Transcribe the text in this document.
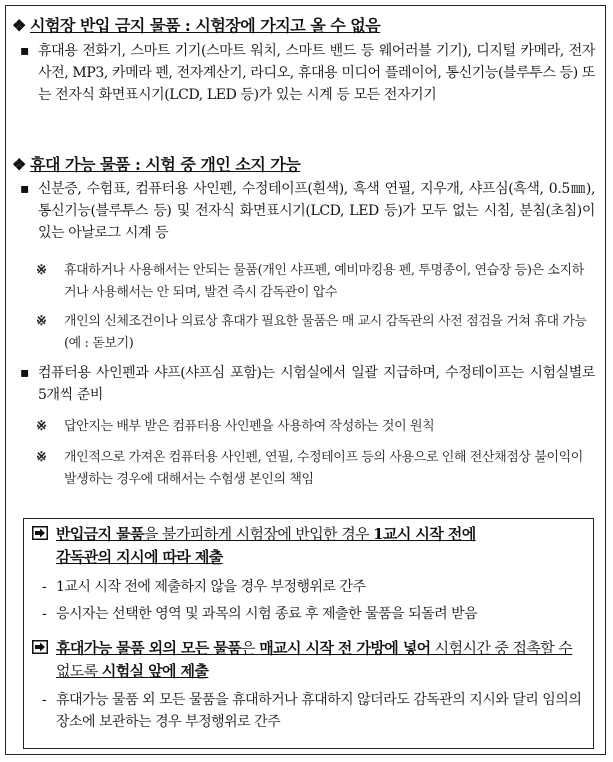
❖ 시험장 반입 금지 물품 : 시험장에 가지고 올 수 없음
▪ 휴대용 전화기, 스마트 기기(스마트 워치, 스마트 밴드 등 웨어러블 기기), 디지털 카메라, 전자사전, MP3, 카메라 펜, 전자계산기, 라디오, 휴대용 미디어 플레이어, 통신기능(블루투스 등) 또는 전자식 화면표시기(LCD, LED 등)가 있는 시계 등 모든 전자기기
❖ 휴대 가능 물품 : 시험 중 개인 소지 가능
▪ 신분증, 수험표, 컴퓨터용 사인펜, 수정테이프(흰색), 흑색 연필, 지우개, 샤프심(흑색, 0.5㎜), 통신기능(블루투스 등) 및 전자식 화면표시기(LCD, LED 등)가 모두 없는 시침, 분침(초침)이 있는 아날로그 시계 등
※ 휴대하거나 사용해서는 안되는 물품(개인 샤프펜, 예비마킹용 펜, 투명종이, 연습장 등)은 소지하거나 사용해서는 안 되며, 발견 즉시 감독관이 압수
※ 개인의 신체조건이나 의료상 휴대가 필요한 물품은 매 교시 감독관의 사전 점검을 거쳐 휴대 가능(예 : 돋보기)
▪ 컴퓨터용 사인펜과 샤프(샤프심 포함)는 시험실에서 일괄 지급하며, 수정테이프는 시험실별로 5개씩 준비
※ 답안지는 배부 받은 컴퓨터용 사인펜을 사용하여 작성하는 것이 원칙
※ 개인적으로 가져온 컴퓨터용 사인펜, 연필, 수정테이프 등의 사용으로 인해 전산채점상 불이익이 발생하는 경우에 대해서는 수험생 본인의 책임
반입금지 물품을 불가피하게 시험장에 반입한 경우 1교시 시작 전에
감독관의 지시에 따라 제출
- 1교시 시작 전에 제출하지 않을 경우 부정행위로 간주
- 응시자는 선택한 영역 및 과목의 시험 종료 후 제출한 물품을 되돌려 받음
휴대가능 물품 외의 모든 물품은 매교시 시작 전 가방에 넣어 시험시간 중 접촉할 수 없도록 시험실 앞에 제출
- 휴대가능 물품 외 모든 물품을 휴대하거나 휴대하지 않더라도 감독관의 지시와 달리 임의의 장소에 보관하는 경우 부정행위로 간주
